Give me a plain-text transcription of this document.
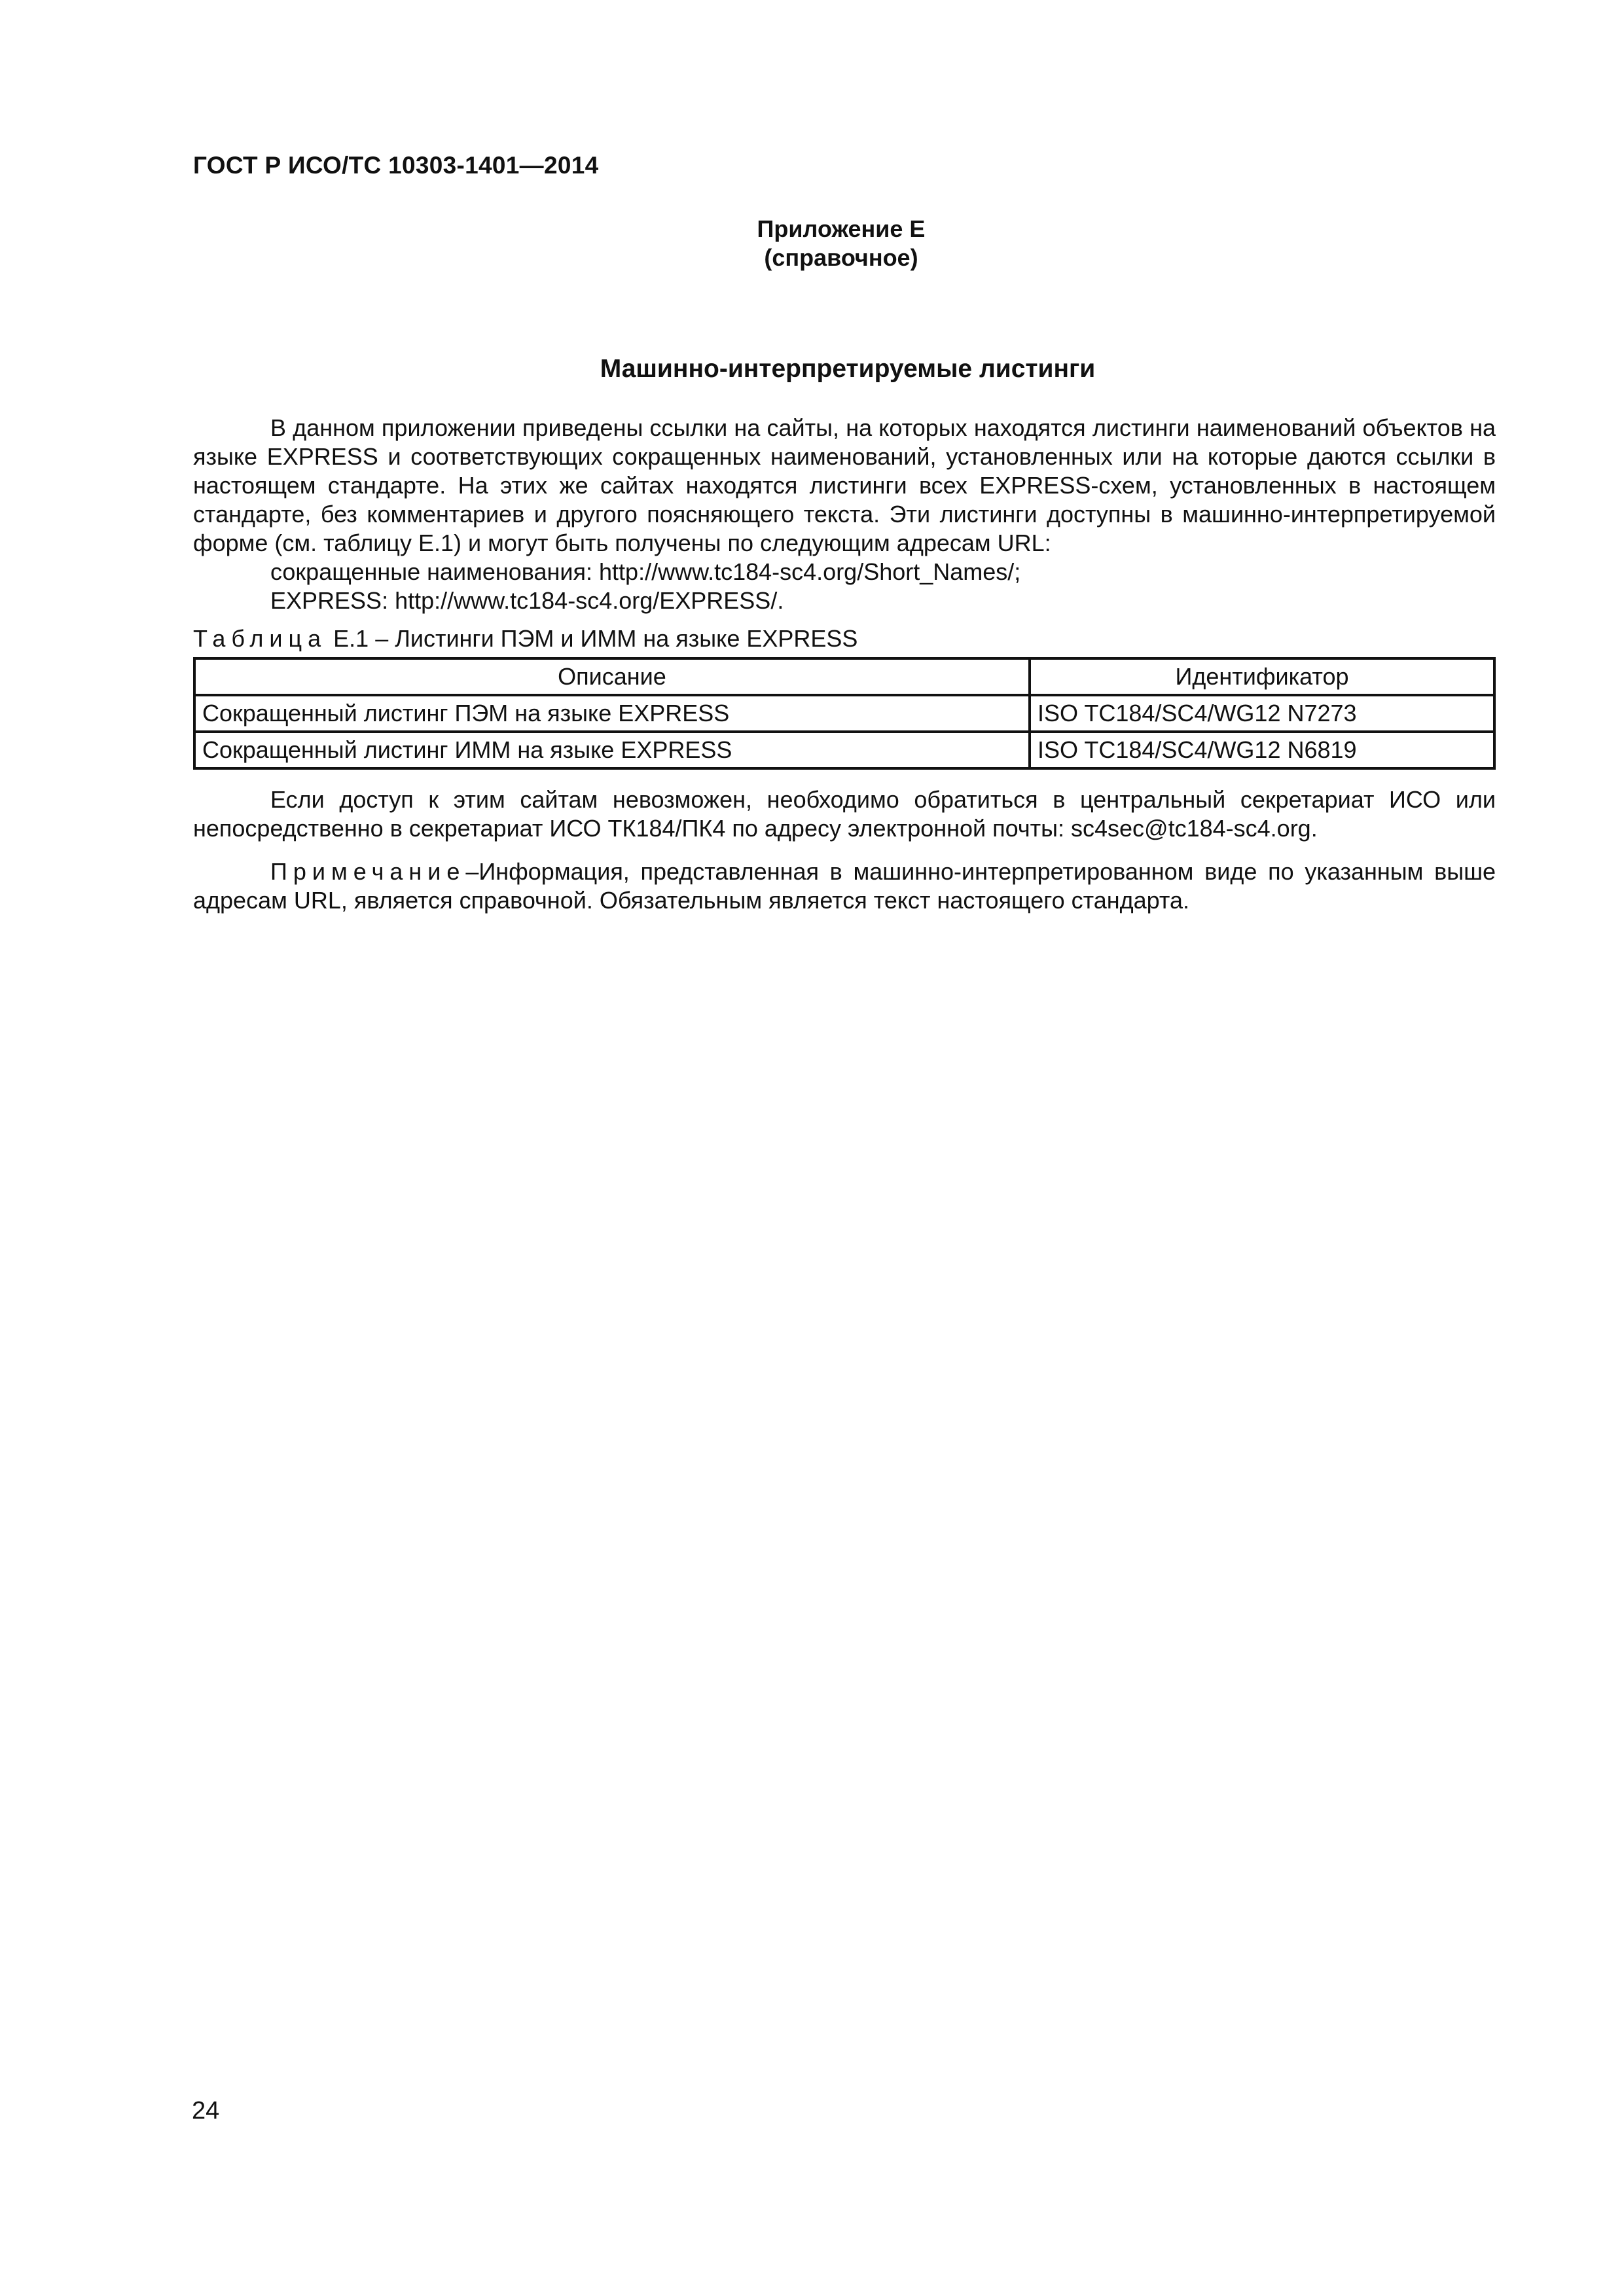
ГОСТ Р ИСО/ТС 10303-1401—2014
Приложение Е
(справочное)
Машинно-интерпретируемые листинги

В данном приложении приведены ссылки на сайты, на которых находятся листинги наименований объектов на языке EXPRESS и соответствующих сокращенных наименований, установленных или на которые даются ссылки в настоящем стандарте. На этих же сайтах находятся листинги всех EXPRESS-схем, установленных в настоящем стандарте, без комментариев и другого поясняющего текста. Эти листинги доступны в машинно-интерпретируемой форме (см. таблицу Е.1) и могут быть получены по следующим адресам URL:

сокращенные наименования: http://www.tc184-sc4.org/Short_Names/;

EXPRESS: http://www.tc184-sc4.org/EXPRESS/.

Таблица Е.1 – Листинги ПЭМ и ИММ на языке EXPRESS

Описание	Идентификатор
Сокращенный листинг ПЭМ на языке EXPRESS	ISO TC184/SC4/WG12 N7273
Сокращенный листинг ИММ на языке EXPRESS	ISO TC184/SC4/WG12 N6819

Если доступ к этим сайтам невозможен, необходимо обратиться в центральный секретариат ИСО или непосредственно в секретариат ИСО ТК184/ПК4 по адресу электронной почты: sc4sec@tc184-sc4.org.

Примечание–Информация, представленная в машинно-интерпретированном виде по указанным выше адресам URL, является справочной. Обязательным является текст настоящего стандарта.

24
